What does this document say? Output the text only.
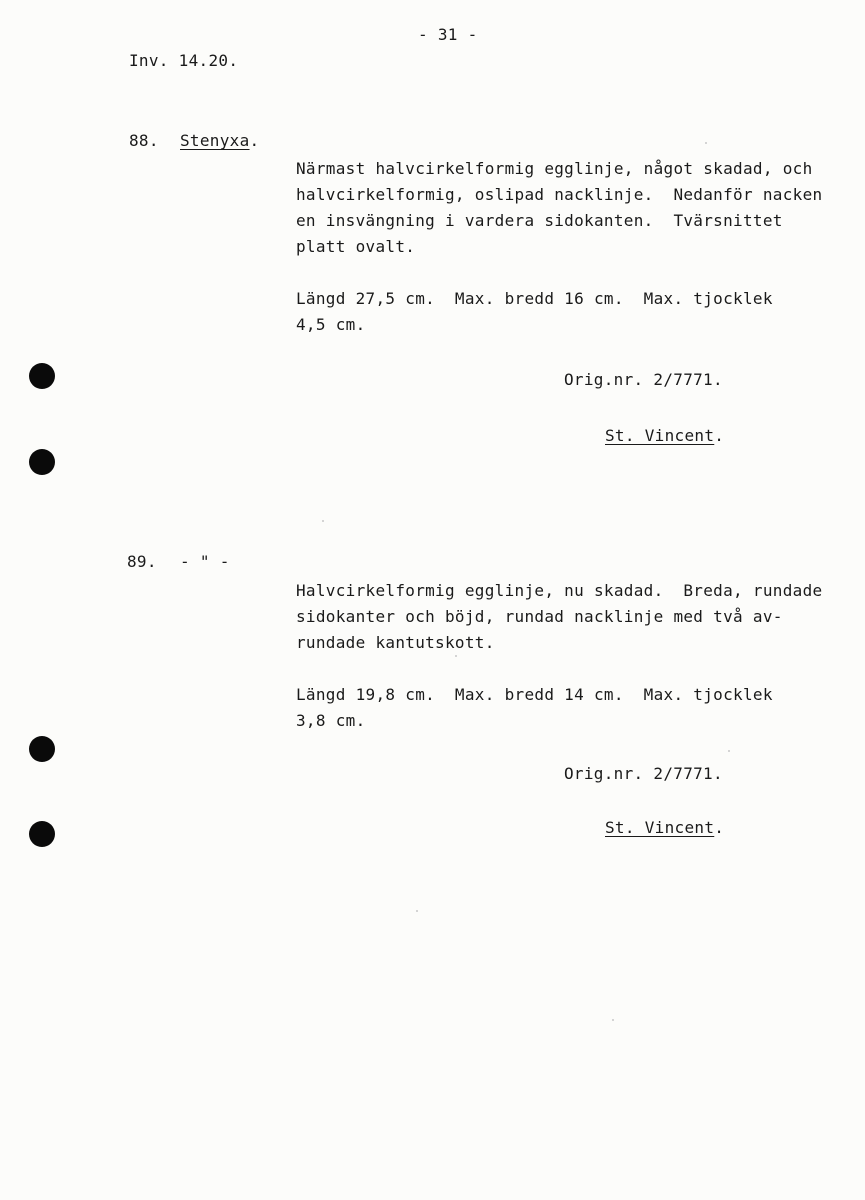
- 31 -
Inv. 14.20.
88. Stenyxa.
Närmast halvcirkelformig egglinje, något skadad, och
halvcirkelformig, oslipad nacklinje.  Nedanför nacken
en insvängning i vardera sidokanten.  Tvärsnittet
platt ovalt.
Längd 27,5 cm.  Max. bredd 16 cm.  Max. tjocklek
4,5 cm.
Orig.nr. 2/7771.
St. Vincent.
89. - " -
Halvcirkelformig egglinje, nu skadad.  Breda, rundade
sidokanter och böjd, rundad nacklinje med två av-
rundade kantutskott.
Längd 19,8 cm.  Max. bredd 14 cm.  Max. tjocklek
3,8 cm.
Orig.nr. 2/7771.
St. Vincent.
